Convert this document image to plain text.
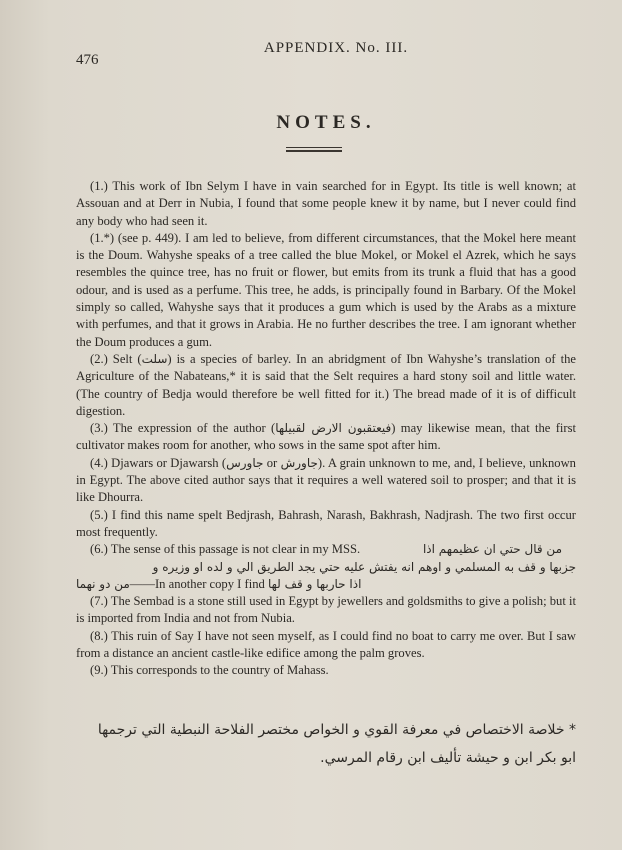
476
APPENDIX. No. III.
NOTES.

(1.) This work of Ibn Selym I have in vain searched for in Egypt. Its title is well known; at Assouan and at Derr in Nubia, I found that some people knew it by name, but I never could find any body who had seen it.

(1.*) (see p. 449). I am led to believe, from different circumstances, that the Mokel here meant is the Doum. Wahyshe speaks of a tree called the blue Mokel, or Mokel el Azrek, which he says resembles the quince tree, has no fruit or flower, but emits from its trunk a fluid that has a good odour, and is used as a perfume. This tree, he adds, is principally found in Barbary. Of the Mokel simply so called, Wahyshe says that it produces a gum which is used by the Arabs as a mixture with perfumes, and that it grows in Arabia. He no further describes the tree. I am ignorant whether the Doum produces a gum.

(2.) Selt (سلت) is a species of barley. In an abridgment of Ibn Wahyshe’s translation of the Agriculture of the Nabateans,* it is said that the Selt requires a hard stony soil and little water. (The country of Bedja would therefore be well fitted for it.) The bread made of it is of difficult digestion.

(3.) The expression of the author (فيعتقبون الارض لقبيلها) may likewise mean, that the first cultivator makes room for another, who sows in the same spot after him.

(4.) Djawars or Djawarsh (جاورس or جاورش). A grain unknown to me, and, I believe, unknown in Egypt. The above cited author says that it requires a well watered soil to prosper; and that it is like Dhourra.

(5.) I find this name spelt Bedjrash, Bahrash, Narash, Bakhrash, Nadjrash. The two first occur most frequently.

(6.) The sense of this passage is not clear in my MSS.	من قال حتي ان عظيمهم اذا

جزبها و قف به المسلمي و اوهم انه يفتش عليه حتي يجد الطريق الي و لده او وزيره و

من دو نهما——In another copy I find اذا حاربها و قف لها

(7.) The Sembad is a stone still used in Egypt by jewellers and goldsmiths to give a polish; but it is imported from India and not from Nubia.

(8.) This ruin of Say I have not seen myself, as I could find no boat to carry me over. But I saw from a distance an ancient castle-like edifice among the palm groves.

(9.) This corresponds to the country of Mahass.

* خلاصة الاختصاص في معرفة القوي و الخواص مختصر الفلاحة النبطية التي ترجمها

ابو بكر ابن و حيشة تأليف ابن رقام المرسي.
